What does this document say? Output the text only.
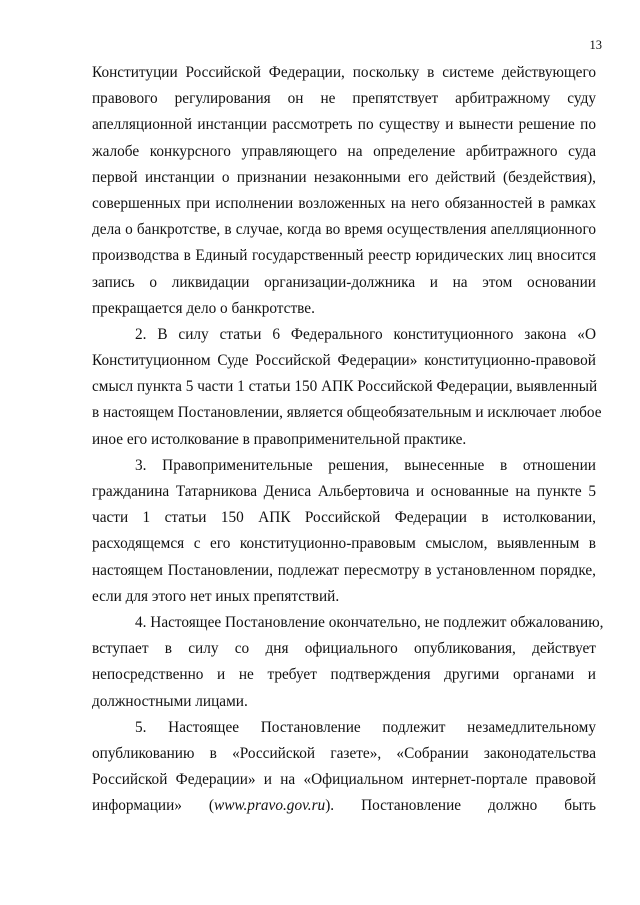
13
Конституции Российской Федерации, поскольку в системе действующего
правового регулирования он не препятствует арбитражному суду
апелляционной инстанции рассмотреть по существу и вынести решение по
жалобе конкурсного управляющего на определение арбитражного суда
первой инстанции о признании незаконными его действий (бездействия),
совершенных при исполнении возложенных на него обязанностей в рамках
дела о банкротстве, в случае, когда во время осуществления апелляционного
производства в Единый государственный реестр юридических лиц вносится
запись о ликвидации организации-должника и на этом основании
прекращается дело о банкротстве.
2. В силу статьи 6 Федерального конституционного закона «О
Конституционном Суде Российской Федерации» конституционно-правовой
смысл пункта 5 части 1 статьи 150 АПК Российской Федерации, выявленный
в настоящем Постановлении, является общеобязательным и исключает любое
иное его истолкование в правоприменительной практике.
3. Правоприменительные решения, вынесенные в отношении
гражданина Татарникова Дениса Альбертовича и основанные на пункте 5
части 1 статьи 150 АПК Российской Федерации в истолковании,
расходящемся с его конституционно-правовым смыслом, выявленным в
настоящем Постановлении, подлежат пересмотру в установленном порядке,
если для этого нет иных препятствий.
4. Настоящее Постановление окончательно, не подлежит обжалованию,
вступает в силу со дня официального опубликования, действует
непосредственно и не требует подтверждения другими органами и
должностными лицами.
5. Настоящее Постановление подлежит незамедлительному
опубликованию в «Российской газете», «Собрании законодательства
Российской Федерации» и на «Официальном интернет-портале правовой
информации» (www.pravo.gov.ru). Постановление должно быть
